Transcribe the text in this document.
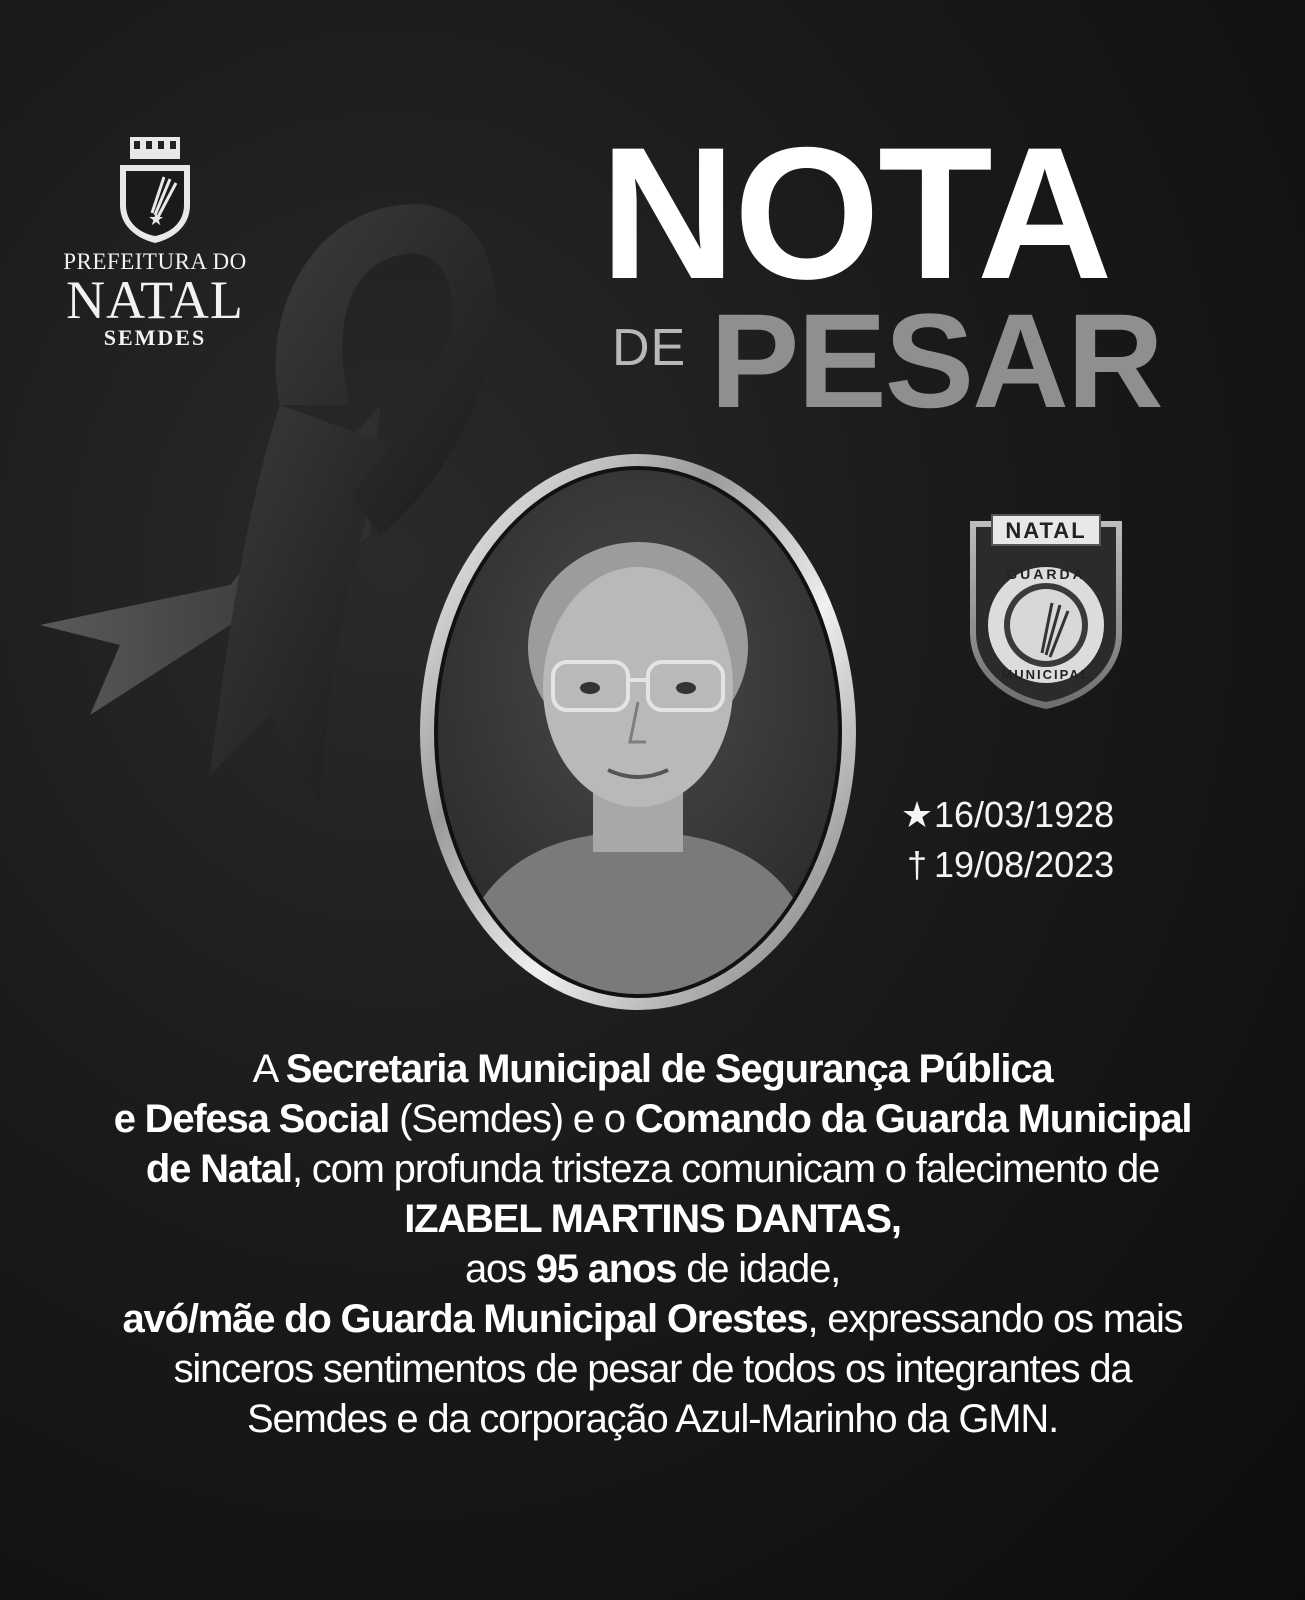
★
PREFEITURA DO
NATAL
SEMDES
NOTA
DE PESAR
NATAL
GUARDA
MUNICIPAL
★16/03/1928
† 19/08/2023
A Secretaria Municipal de Segurança Pública
e Defesa Social (Semdes) e o Comando da Guarda Municipal
de Natal, com profunda tristeza comunicam o falecimento de
IZABEL MARTINS DANTAS,
aos 95 anos de idade,
avó/mãe do Guarda Municipal Orestes, expressando os mais
sinceros sentimentos de pesar de todos os integrantes da
Semdes e da corporação Azul-Marinho da GMN.
